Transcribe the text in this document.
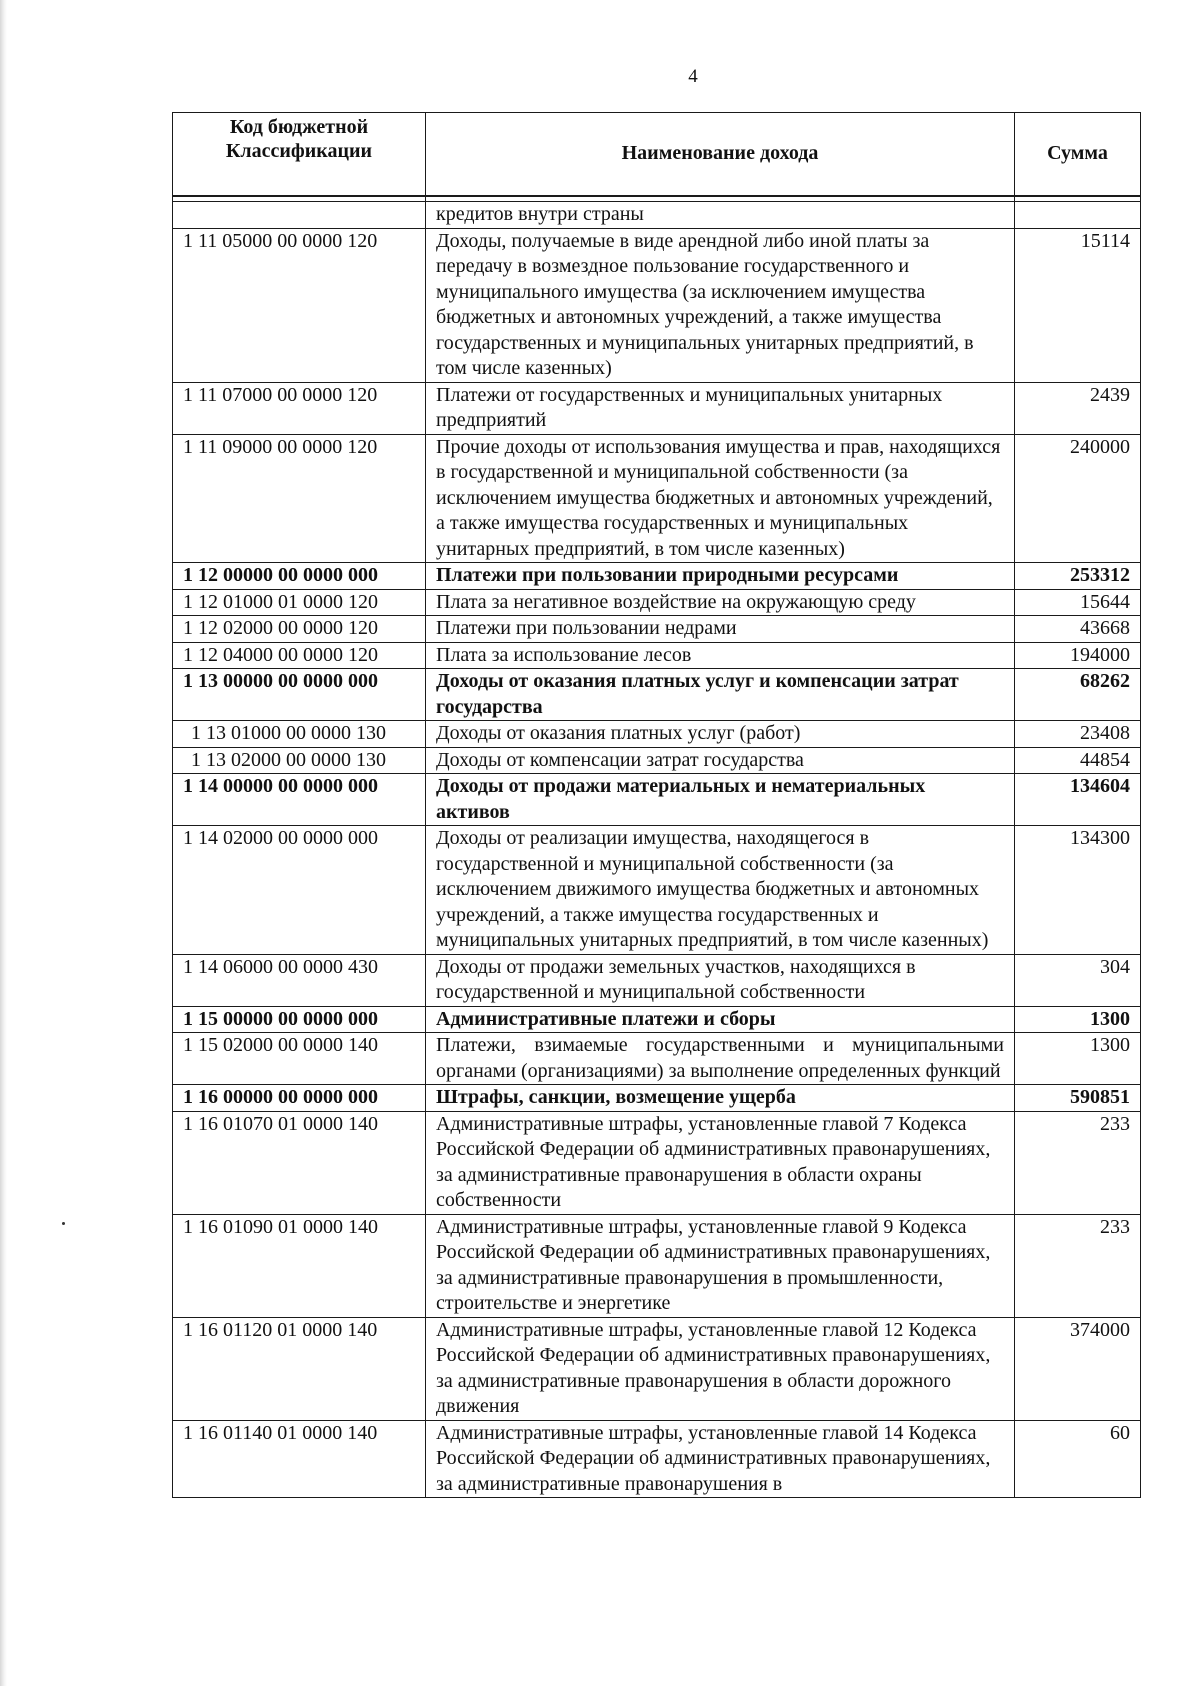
4
Код бюджетной
Классификации	Наименование дохода	Сумма

	кредитов внутри страны	
1 11 05000 00 0000 120	Доходы, получаемые в виде арендной либо иной платы за передачу в возмездное пользование государственного и муниципального имущества (за исключением имущества бюджетных и автономных учреждений, а также имущества государственных и муниципальных унитарных предприятий, в том числе казенных)	15114
1 11 07000 00 0000 120	Платежи от государственных и муниципальных унитарных предприятий	2439
1 11 09000 00 0000 120	Прочие доходы от использования имущества и прав, находящихся в государственной и муниципальной собственности (за исключением имущества бюджетных и автономных учреждений, а также имущества государственных и муниципальных унитарных предприятий, в том числе казенных)	240000
1 12 00000 00 0000 000	Платежи при пользовании природными ресурсами	253312
1 12 01000 01 0000 120	Плата за негативное воздействие на окружающую среду	15644
1 12 02000 00 0000 120	Платежи при пользовании недрами	43668
1 12 04000 00 0000 120	Плата за использование лесов	194000
1 13 00000 00 0000 000	Доходы от оказания платных услуг и компенсации затрат государства	68262
1 13 01000 00 0000 130	Доходы от оказания платных услуг (работ)	23408
1 13 02000 00 0000 130	Доходы от компенсации затрат государства	44854
1 14 00000 00 0000 000	Доходы от продажи материальных и нематериальных активов	134604
1 14 02000 00 0000 000	Доходы от реализации имущества, находящегося в государственной и муниципальной собственности (за исключением движимого имущества бюджетных и автономных учреждений, а также имущества государственных и муниципальных унитарных предприятий, в том числе казенных)	134300
1 14 06000 00 0000 430	Доходы от продажи земельных участков, находящихся в государственной и муниципальной собственности	304
1 15 00000 00 0000 000	Административные платежи и сборы	1300
1 15 02000 00 0000 140	Платежи, взимаемые государственными и муниципальными органами (организациями) за выполнение определенных функций	1300
1 16 00000 00 0000 000	Штрафы, санкции, возмещение ущерба	590851
1 16 01070 01 0000 140	Административные штрафы, установленные главой 7 Кодекса Российской Федерации об административных правонарушениях, за административные правонарушения в области охраны собственности	233
1 16 01090 01 0000 140	Административные штрафы, установленные главой 9 Кодекса Российской Федерации об административных правонарушениях, за административные правонарушения в промышленности, строительстве и энергетике	233
1 16 01120 01 0000 140	Административные штрафы, установленные главой 12 Кодекса Российской Федерации об административных правонарушениях, за административные правонарушения в области дорожного движения	374000
1 16 01140 01 0000 140	Административные штрафы, установленные главой 14 Кодекса Российской Федерации об административных правонарушениях, за административные правонарушения в	60
